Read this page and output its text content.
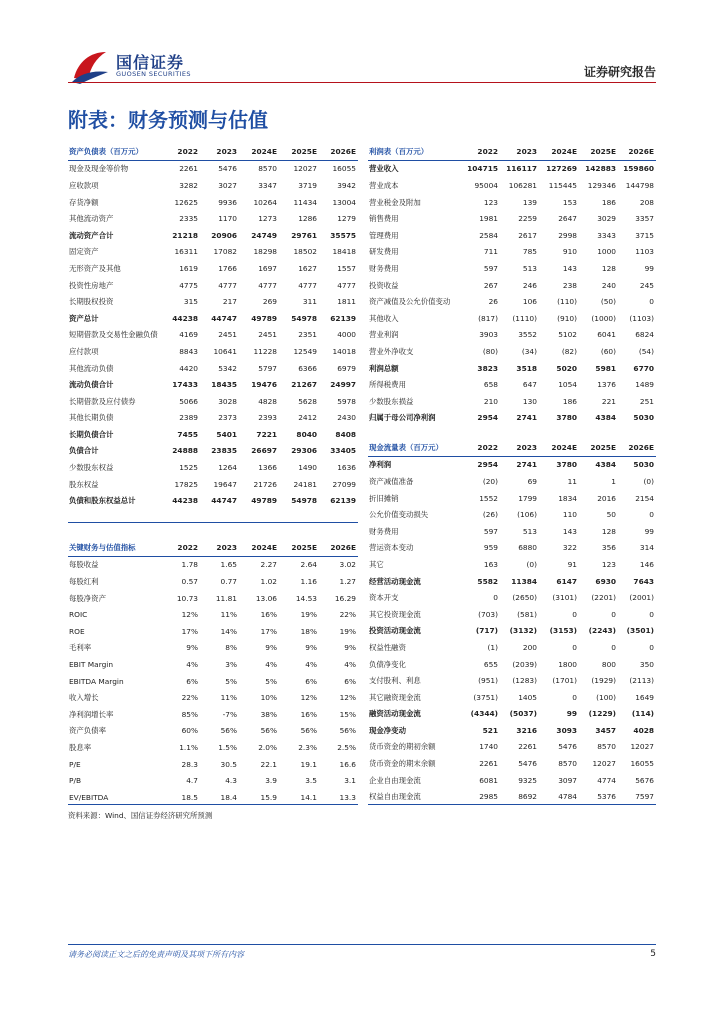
国信证券
GUOSEN SECURITIES	证券研究报告
附表：财务预测与估值
资产负债表（百万元）	2022	2023	2024E	2025E	2026E
现金及现金等价物	2261	5476	8570	12027	16055
应收款项	3282	3027	3347	3719	3942
存货净额	12625	9936	10264	11434	13004
其他流动资产	2335	1170	1273	1286	1279
流动资产合计	21218	20906	24749	29761	35575
固定资产	16311	17082	18298	18502	18418
无形资产及其他	1619	1766	1697	1627	1557
投资性房地产	4775	4777	4777	4777	4777
长期股权投资	315	217	269	311	1811
资产总计	44238	44747	49789	54978	62139
短期借款及交易性金融负债	4169	2451	2451	2351	4000
应付款项	8843	10641	11228	12549	14018
其他流动负债	4420	5342	5797	6366	6979
流动负债合计	17433	18435	19476	21267	24997
长期借款及应付债券	5066	3028	4828	5628	5978
其他长期负债	2389	2373	2393	2412	2430
长期负债合计	7455	5401	7221	8040	8408
负债合计	24888	23835	26697	29306	33405
少数股东权益	1525	1264	1366	1490	1636
股东权益	17825	19647	21726	24181	27099
负债和股东权益总计	44238	44747	49789	54978	62139
关键财务与估值指标	2022	2023	2024E	2025E	2026E
每股收益	1.78	1.65	2.27	2.64	3.02
每股红利	0.57	0.77	1.02	1.16	1.27
每股净资产	10.73	11.81	13.06	14.53	16.29
ROIC	12%	11%	16%	19%	22%
ROE	17%	14%	17%	18%	19%
毛利率	9%	8%	9%	9%	9%
EBIT Margin	4%	3%	4%	4%	4%
EBITDA Margin	6%	5%	5%	6%	6%
收入增长	22%	11%	10%	12%	12%
净利润增长率	85%	-7%	38%	16%	15%
资产负债率	60%	56%	56%	56%	56%
股息率	1.1%	1.5%	2.0%	2.3%	2.5%
P/E	28.3	30.5	22.1	19.1	16.6
P/B	4.7	4.3	3.9	3.5	3.1
EV/EBITDA	18.5	18.4	15.9	14.1	13.3
利润表（百万元）	2022	2023	2024E	2025E	2026E
营业收入	104715	116117	127269	142883	159860
营业成本	95004	106281	115445	129346	144798
营业税金及附加	123	139	153	186	208
销售费用	1981	2259	2647	3029	3357
管理费用	2584	2617	2998	3343	3715
研发费用	711	785	910	1000	1103
财务费用	597	513	143	128	99
投资收益	267	246	238	240	245
资产减值及公允价值变动	26	106	(110)	(50)	0
其他收入	(817)	(1110)	(910)	(1000)	(1103)
营业利润	3903	3552	5102	6041	6824
营业外净收支	(80)	(34)	(82)	(60)	(54)
利润总额	3823	3518	5020	5981	6770
所得税费用	658	647	1054	1376	1489
少数股东损益	210	130	186	221	251
归属于母公司净利润	2954	2741	3780	4384	5030
现金流量表（百万元）	2022	2023	2024E	2025E	2026E
净利润	2954	2741	3780	4384	5030
资产减值准备	(20)	69	11	1	(0)
折旧摊销	1552	1799	1834	2016	2154
公允价值变动损失	(26)	(106)	110	50	0
财务费用	597	513	143	128	99
营运资本变动	959	6880	322	356	314
其它	163	(0)	91	123	146
经营活动现金流	5582	11384	6147	6930	7643
资本开支	0	(2650)	(3101)	(2201)	(2001)
其它投资现金流	(703)	(581)	0	0	0
投资活动现金流	(717)	(3132)	(3153)	(2243)	(3501)
权益性融资	(1)	200	0	0	0
负债净变化	655	(2039)	1800	800	350
支付股利、利息	(951)	(1283)	(1701)	(1929)	(2113)
其它融资现金流	(3751)	1405	0	(100)	1649
融资活动现金流	(4344)	(5037)	99	(1229)	(114)
现金净变动	521	3216	3093	3457	4028
货币资金的期初余额	1740	2261	5476	8570	12027
货币资金的期末余额	2261	5476	8570	12027	16055
企业自由现金流	6081	9325	3097	4774	5676
权益自由现金流	2985	8692	4784	5376	7597
资料来源：Wind、国信证券经济研究所预测
请务必阅读正文之后的免责声明及其项下所有内容	5
